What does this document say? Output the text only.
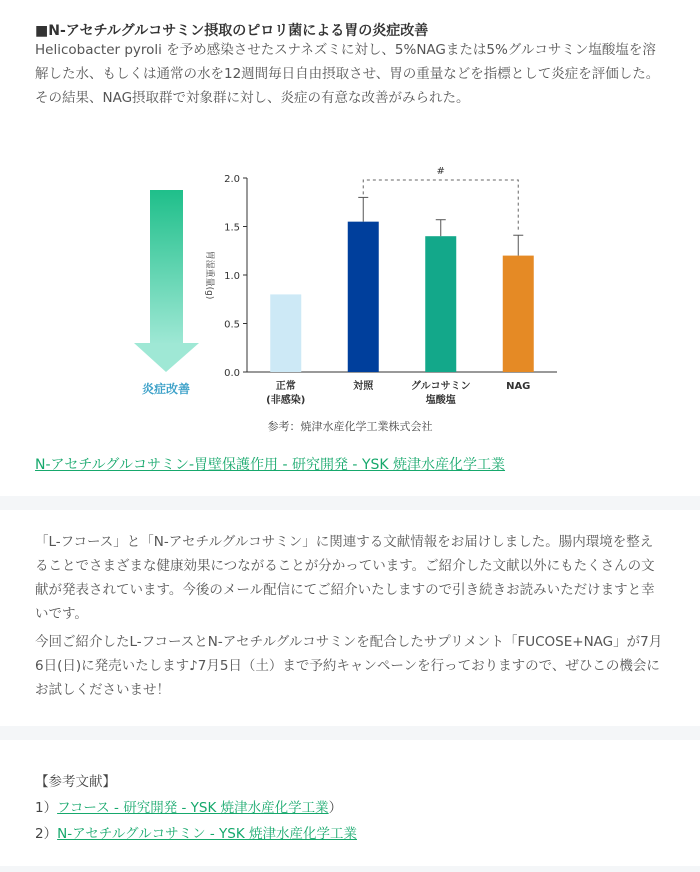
■N-アセチルグルコサミン摂取のピロリ菌による胃の炎症改善
Helicobacter pyroli を予め感染させたスナネズミに対し、5%NAGまたは5%グルコサミン塩酸塩を溶解した水、もしくは通常の水を12週間毎日自由摂取させ、胃の重量などを指標として炎症を評価した。その結果、NAG摂取群で対象群に対し、炎症の有意な改善がみられた。
炎症改善
胃湿重量(g)
0.0
0.5
1.0
1.5
2.0
正常
(非感染)
対照	グルコサミン
塩酸塩
NAG
#
参考：焼津水産化学工業株式会社
N-アセチルグルコサミン-胃壁保護作用 - 研究開発 - YSK 焼津水産化学工業
「L-フコース」と「N-アセチルグルコサミン」に関連する文献情報をお届けしました。腸内環境を整えることでさまざまな健康効果につながることが分かっています。ご紹介した文献以外にもたくさんの文献が発表されています。今後のメール配信にてご紹介いたしますので引き続きお読みいただけますと幸いです。
今回ご紹介したL-フコースとN-アセチルグルコサミンを配合したサプリメント「FUCOSE+NAG」が7月6日(日)に発売いたします♪7月5日（土）まで予約キャンペーンを行っておりますので、ぜひこの機会にお試しくださいませ！
【参考文献】
1）フコース - 研究開発 - YSK 焼津水産化学工業）
2）N-アセチルグルコサミン - YSK 焼津水産化学工業
